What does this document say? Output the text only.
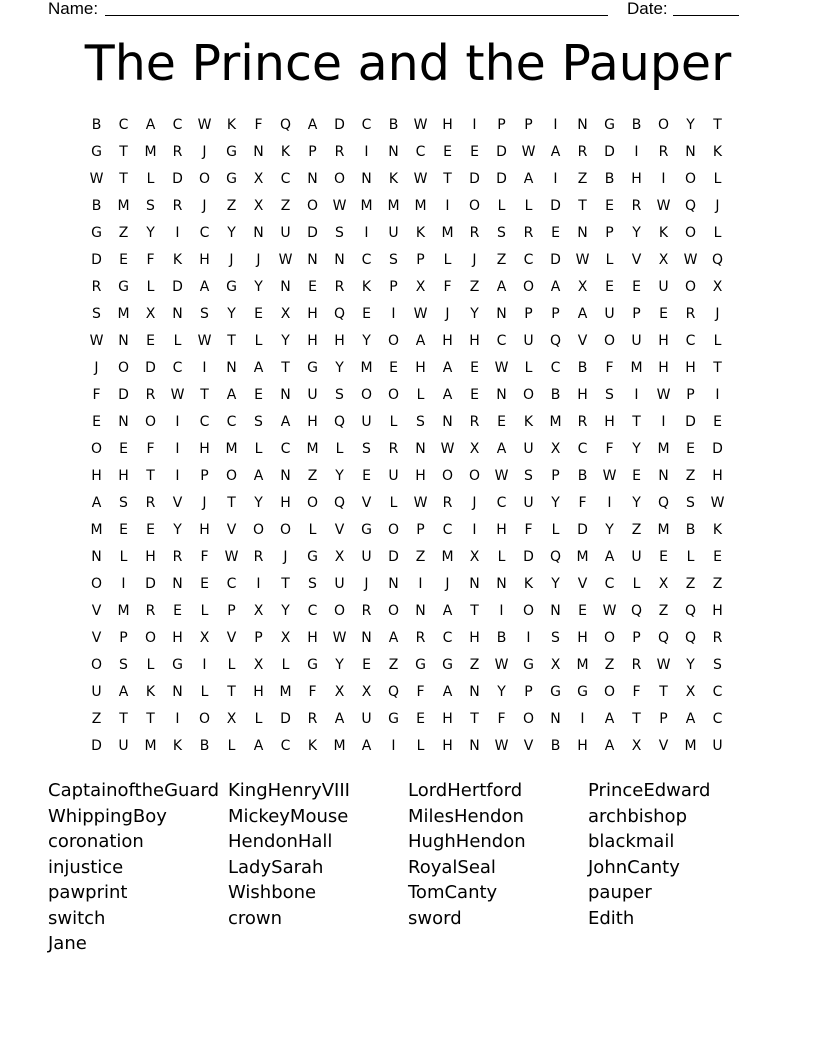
Name:	Date:
The Prince and the Pauper
B	C	A	C	W	K	F	Q	A	D	C	B	W	H	I	P	P	I	N	G	B	O	Y	T
G	T	M	R	J	G	N	K	P	R	I	N	C	E	E	D	W	A	R	D	I	R	N	K
W	T	L	D	O	G	X	C	N	O	N	K	W	T	D	D	A	I	Z	B	H	I	O	L
B	M	S	R	J	Z	X	Z	O	W	M	M	M	I	O	L	L	D	T	E	R	W	Q	J
G	Z	Y	I	C	Y	N	U	D	S	I	U	K	M	R	S	R	E	N	P	Y	K	O	L
D	E	F	K	H	J	J	W	N	N	C	S	P	L	J	Z	C	D	W	L	V	X	W	Q
R	G	L	D	A	G	Y	N	E	R	K	P	X	F	Z	A	O	A	X	E	E	U	O	X
S	M	X	N	S	Y	E	X	H	Q	E	I	W	J	Y	N	P	P	A	U	P	E	R	J
W	N	E	L	W	T	L	Y	H	H	Y	O	A	H	H	C	U	Q	V	O	U	H	C	L
J	O	D	C	I	N	A	T	G	Y	M	E	H	A	E	W	L	C	B	F	M	H	H	T
F	D	R	W	T	A	E	N	U	S	O	O	L	A	E	N	O	B	H	S	I	W	P	I
E	N	O	I	C	C	S	A	H	Q	U	L	S	N	R	E	K	M	R	H	T	I	D	E
O	E	F	I	H	M	L	C	M	L	S	R	N	W	X	A	U	X	C	F	Y	M	E	D
H	H	T	I	P	O	A	N	Z	Y	E	U	H	O	O	W	S	P	B	W	E	N	Z	H
A	S	R	V	J	T	Y	H	O	Q	V	L	W	R	J	C	U	Y	F	I	Y	Q	S	W
M	E	E	Y	H	V	O	O	L	V	G	O	P	C	I	H	F	L	D	Y	Z	M	B	K
N	L	H	R	F	W	R	J	G	X	U	D	Z	M	X	L	D	Q	M	A	U	E	L	E
O	I	D	N	E	C	I	T	S	U	J	N	I	J	N	N	K	Y	V	C	L	X	Z	Z
V	M	R	E	L	P	X	Y	C	O	R	O	N	A	T	I	O	N	E	W	Q	Z	Q	H
V	P	O	H	X	V	P	X	H	W	N	A	R	C	H	B	I	S	H	O	P	Q	Q	R
O	S	L	G	I	L	X	L	G	Y	E	Z	G	G	Z	W	G	X	M	Z	R	W	Y	S
U	A	K	N	L	T	H	M	F	X	X	Q	F	A	N	Y	P	G	G	O	F	T	X	C
Z	T	T	I	O	X	L	D	R	A	U	G	E	H	T	F	O	N	I	A	T	P	A	C
D	U	M	K	B	L	A	C	K	M	A	I	L	H	N	W	V	B	H	A	X	V	M	U
CaptainoftheGuard KingHenryVIII	LordHertford	PrinceEdward
WhippingBoy	MickeyMouse	MilesHendon	archbishop
coronation	HendonHall	HughHendon	blackmail
injustice	LadySarah	RoyalSeal	JohnCanty
pawprint	Wishbone	TomCanty	pauper
switch	crown	sword	Edith
Jane
